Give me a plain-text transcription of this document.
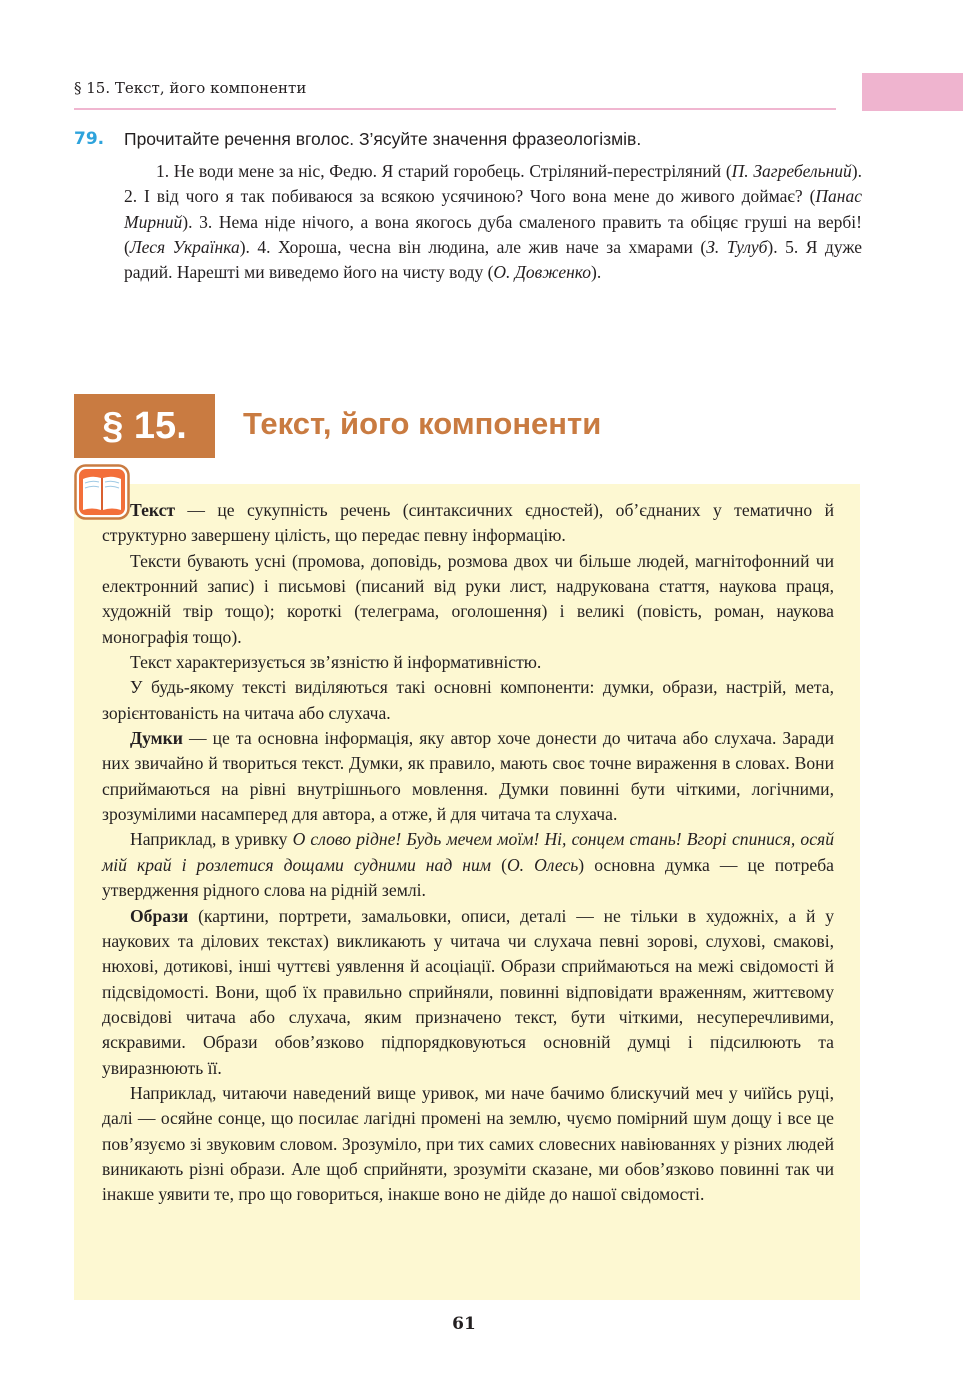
§ 15. Текст, його компоненти
79. Прочитайте речення вголос. З’ясуйте значення фразеологізмів.
1. Не води мене за ніс, Федю. Я старий горобець. Стріляний-перестріляний (П. Загребельний). 2. І від чого я так побиваюся за всякою усячиною? Чого вона мене до живого доймає? (Панас Мирний). 3. Нема ніде нічого, а вона якогось дуба смаленого править та обіцяє груші на вербі! (Леся Українка). 4. Хороша, чесна він людина, але жив наче за хмарами (З. Тулуб). 5. Я дуже радий. Нарешті ми виведемо його на чисту воду (О. Довженко).
§ 15.	Текст, його компоненти

Текст — це сукупність речень (синтаксичних єдностей), об’єднаних у тематично й структурно завершену цілість, що передає певну інформацію.

Тексти бувають усні (промова, доповідь, розмова двох чи більше людей, магнітофонний чи електронний запис) і письмові (писаний від руки лист, надрукована стаття, наукова праця, художній твір тощо); короткі (телеграма, оголошення) і великі (повість, роман, наукова монографія тощо).

Текст характеризується зв’язністю й інформативністю.

У будь-якому тексті виділяються такі основні компоненти: думки, образи, настрій, мета, зорієнтованість на читача або слухача.

Думки — це та основна інформація, яку автор хоче донести до читача або слухача. Заради них звичайно й твориться текст. Думки, як правило, мають своє точне вираження в словах. Вони сприймаються на рівні внутрішнього мовлення. Думки повинні бути чіткими, логічними, зрозумілими насамперед для автора, а отже, й для читача та слухача.

Наприклад, в уривку О слово рідне! Будь мечем моїм! Ні, сонцем стань! Вгорі спинися, осяй мій край і розлетися дощами судними над ним (О. Олесь) основна думка — це потреба утвердження рідного слова на рідній землі.

Образи (картини, портрети, замальовки, описи, деталі — не тільки в художніх, а й у наукових та ділових текстах) викликають у читача чи слухача певні зорові, слухові, смакові, нюхові, дотикові, інші чуттєві уявлення й асоціації. Образи сприймаються на межі свідомості й підсвідомості. Вони, щоб їх правильно сприйняли, повинні відповідати враженням, життєвому досвідові читача або слухача, яким призначено текст, бути чіткими, несуперечливими, яскравими. Образи обов’язково підпорядковуються основній думці і підсилюють та увиразнюють її.

Наприклад, читаючи наведений вище уривок, ми наче бачимо блискучий меч у чиїйсь руці, далі — осяйне сонце, що посилає лагідні промені на землю, чуємо помірний шум дощу і все це пов’язуємо зі звуковим словом. Зрозуміло, при тих самих словесних навіюваннях у різних людей виникають різні образи. Але щоб сприйняти, зрозуміти сказане, ми обов’язково повинні так чи інакше уявити те, про що говориться, інакше воно не дійде до нашої свідомості.

61
